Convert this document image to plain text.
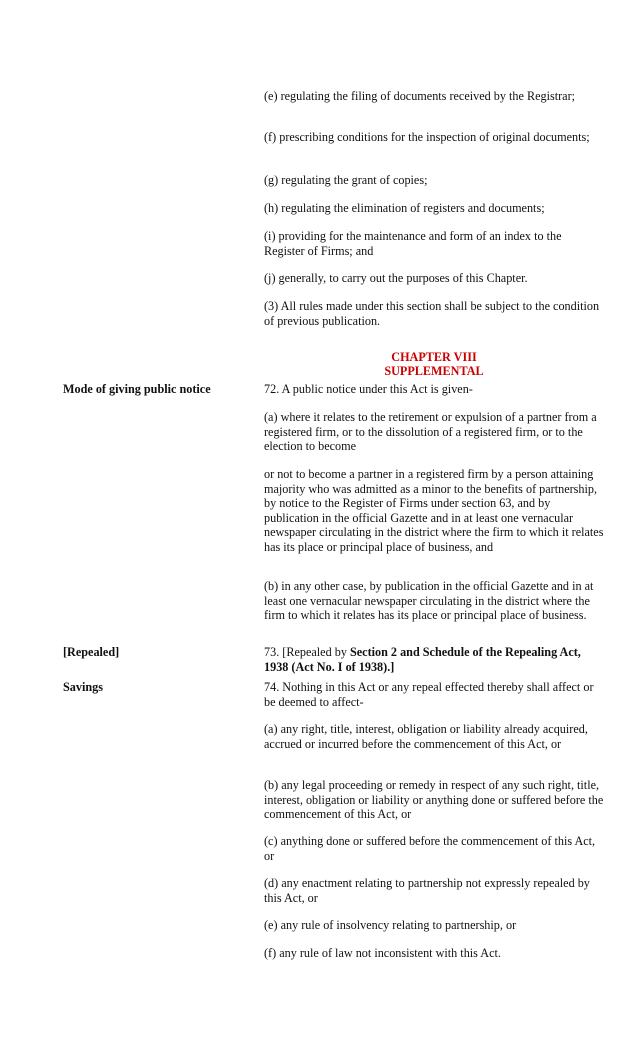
(e) regulating the filing of documents received by the Registrar;

(f) prescribing conditions for the inspection of original documents;

(g) regulating the grant of copies;

(h) regulating the elimination of registers and documents;

(i) providing for the maintenance and form of an index to the Register of Firms; and

(j) generally, to carry out the purposes of this Chapter.

(3) All rules made under this section shall be subject to the condition of previous publication.

CHAPTER VIII

SUPPLEMENTAL

Mode of giving public notice	72. A public notice under this Act is given-

(a) where it relates to the retirement or expulsion of a partner from a registered firm, or to the dissolution of a registered firm, or to the election to become

or not to become a partner in a registered firm by a person attaining majority who was admitted as a minor to the benefits of partnership, by notice to the Register of Firms under section 63, and by publication in the official Gazette and in at least one vernacular newspaper circulating in the district where the firm to which it relates has its place or principal place of business, and

(b) in any other case, by publication in the official Gazette and in at least one vernacular newspaper circulating in the district where the firm to which it relates has its place or principal place of business.

[Repealed]	73. [Repealed by Section 2 and Schedule of the Repealing Act, 1938 (Act No. I of 1938).]

Savings	74. Nothing in this Act or any repeal effected thereby shall affect or be deemed to affect-

(a) any right, title, interest, obligation or liability already acquired, accrued or incurred before the commencement of this Act, or

(b) any legal proceeding or remedy in respect of any such right, title, interest, obligation or liability or anything done or suffered before the commencement of this Act, or

(c) anything done or suffered before the commencement of this Act, or

(d) any enactment relating to partnership not expressly repealed by this Act, or

(e) any rule of insolvency relating to partnership, or

(f) any rule of law not inconsistent with this Act.
